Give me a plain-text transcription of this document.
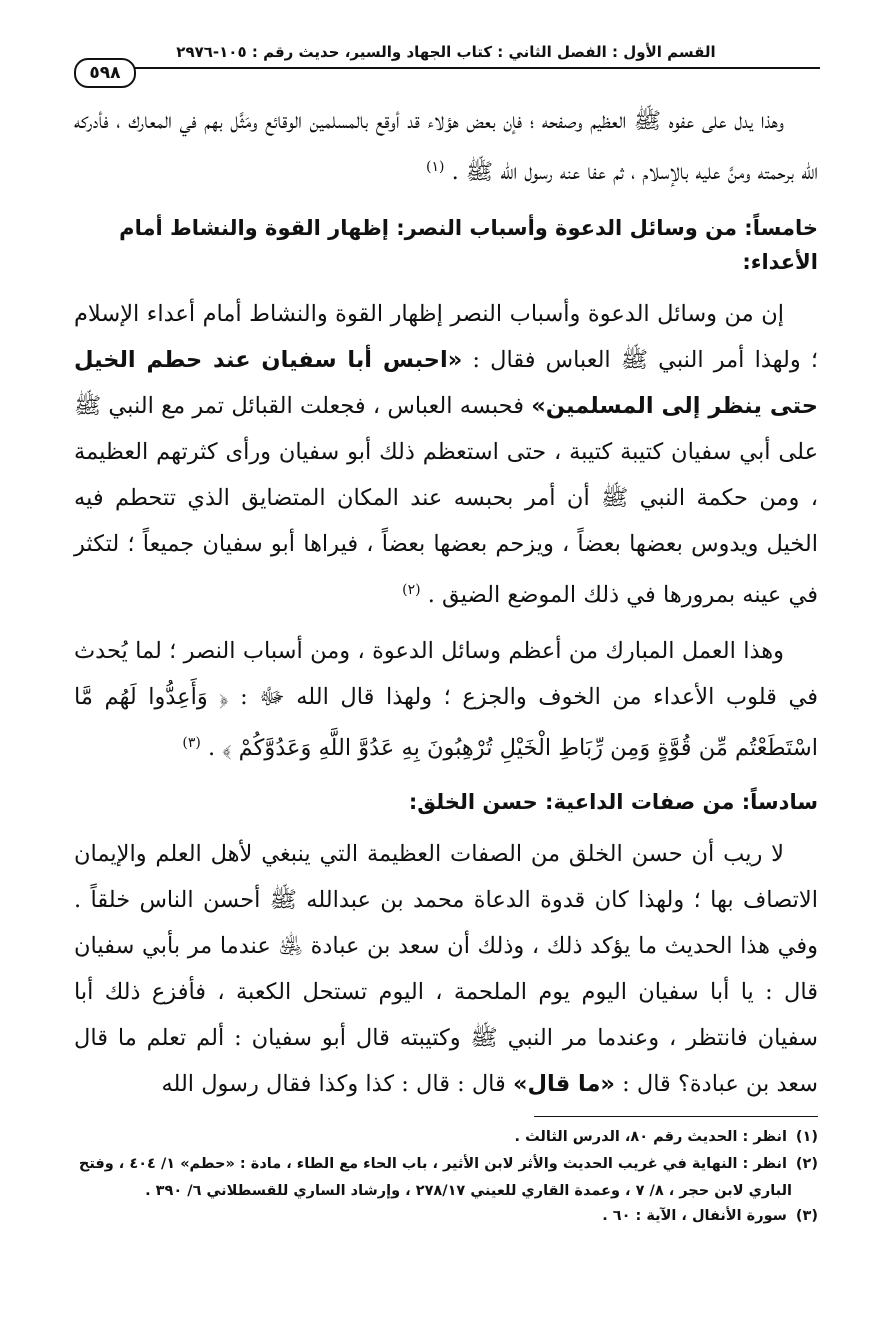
القسم الأول : الفصل الثاني : كتاب الجهاد والسير، حديث رقم : ١٠٥-٢٩٧٦
٥٩٨

وهذا يدل على عفوه ﷺ العظيم وصفحه ؛ فإن بعض هؤلاء قد أوقع بالمسلمين الوقائع ومَثَّل بهم في المعارك ، فأدركه الله برحمته ومنَّ عليه بالإسلام ، ثم عفا عنه رسول الله ﷺ . $^{(١)}$

خامساً: من وسائل الدعوة وأسباب النصر: إظهار القوة والنشاط أمام الأعداء:

إن من وسائل الدعوة وأسباب النصر إظهار القوة والنشاط أمام أعداء الإسلام ؛ ولهذا أمر النبي ﷺ العباس فقال : «احبس أبا سفيان عند حطم الخيل حتى ينظر إلى المسلمين» فحبسه العباس ، فجعلت القبائل تمر مع النبي ﷺ على أبي سفيان كتيبة كتيبة ، حتى استعظم ذلك أبو سفيان ورأى كثرتهم العظيمة ، ومن حكمة النبي ﷺ أن أمر بحبسه عند المكان المتضايق الذي تتحطم فيه الخيل ويدوس بعضها بعضاً ، ويزحم بعضها بعضاً ، فيراها أبو سفيان جميعاً ؛ لتكثر في عينه بمرورها في ذلك الموضع الضيق . $^{(٢)}$

وهذا العمل المبارك من أعظم وسائل الدعوة ، ومن أسباب النصر ؛ لما يُحدث في قلوب الأعداء من الخوف والجزع ؛ ولهذا قال الله ﷻ : ﴿ وَأَعِدُّوا لَهُم مَّا اسْتَطَعْتُم مِّن قُوَّةٍ وَمِن رِّبَاطِ الْخَيْلِ تُرْهِبُونَ بِهِ عَدُوَّ اللَّهِ وَعَدُوَّكُمْ ﴾ . $^{(٣)}$

سادساً: من صفات الداعية: حسن الخلق:

لا ريب أن حسن الخلق من الصفات العظيمة التي ينبغي لأهل العلم والإيمان الاتصاف بها ؛ ولهذا كان قدوة الدعاة محمد بن عبدالله ﷺ أحسن الناس خلقاً . وفي هذا الحديث ما يؤكد ذلك ، وذلك أن سعد بن عبادة ﵁ عندما مر بأبي سفيان قال : يا أبا سفيان اليوم يوم الملحمة ، اليوم تستحل الكعبة ، فأفزع ذلك أبا سفيان فانتظر ، وعندما مر النبي ﷺ وكتيبته قال أبو سفيان : ألم تعلم ما قال سعد بن عبادة؟ قال : «ما قال» قال : قال : كذا وكذا فقال رسول الله

(١) انظر : الحديث رقم ٨٠، الدرس الثالث .

(٢) انظر : النهاية في غريب الحديث والأثر لابن الأثير ، باب الحاء مع الطاء ، مادة : «حطم» ١/ ٤٠٤ ، وفتح

الباري لابن حجر ، ٨/ ٧ ، وعمدة القاري للعيني ٢٧٨/١٧ ، وإرشاد الساري للقسطلاني ٦/ ٣٩٠ .

(٣) سورة الأنفال ، الآية : ٦٠ .
